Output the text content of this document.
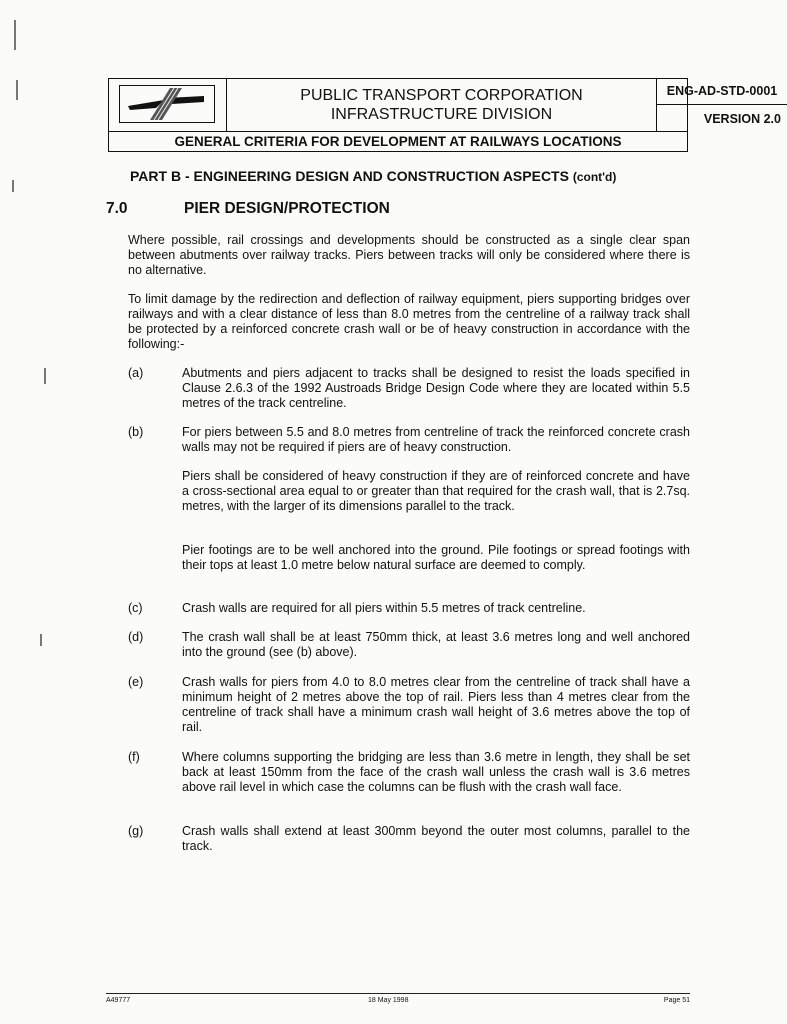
PUBLIC TRANSPORT CORPORATION
INFRASTRUCTURE DIVISION
ENG-AD-STD-0001
VERSION 2.0
GENERAL CRITERIA FOR DEVELOPMENT AT RAILWAYS LOCATIONS
PART B - ENGINEERING DESIGN AND CONSTRUCTION ASPECTS (cont'd)
7.0	PIER DESIGN/PROTECTION
Where possible, rail crossings and developments should be constructed as a single clear span between abutments over railway tracks. Piers between tracks will only be considered where there is no alternative.
To limit damage by the redirection and deflection of railway equipment, piers supporting bridges over railways and with a clear distance of less than 8.0 metres from the centreline of a railway track shall be protected by a reinforced concrete crash wall or be of heavy construction in accordance with the following:-
(a)	Abutments and piers adjacent to tracks shall be designed to resist the loads specified in Clause 2.6.3 of the 1992 Austroads Bridge Design Code where they are located within 5.5 metres of the track centreline.
(b)	For piers between 5.5 and 8.0 metres from centreline of track the reinforced concrete crash walls may not be required if piers are of heavy construction.
Piers shall be considered of heavy construction if they are of reinforced concrete and have a cross-sectional area equal to or greater than that required for the crash wall, that is 2.7sq. metres, with the larger of its dimensions parallel to the track.
Pier footings are to be well anchored into the ground. Pile footings or spread footings with their tops at least 1.0 metre below natural surface are deemed to comply.
(c)	Crash walls are required for all piers within 5.5 metres of track centreline.
(d)	The crash wall shall be at least 750mm thick, at least 3.6 metres long and well anchored into the ground (see (b) above).
(e)	Crash walls for piers from 4.0 to 8.0 metres clear from the centreline of track shall have a minimum height of 2 metres above the top of rail. Piers less than 4 metres clear from the centreline of track shall have a minimum crash wall height of 3.6 metres above the top of rail.
(f)	Where columns supporting the bridging are less than 3.6 metre in length, they shall be set back at least 150mm from the face of the crash wall unless the crash wall is 3.6 metres above rail level in which case the columns can be flush with the crash wall face.
(g)	Crash walls shall extend at least 300mm beyond the outer most columns, parallel to the track.
A49777	18 May 1998	Page 51
